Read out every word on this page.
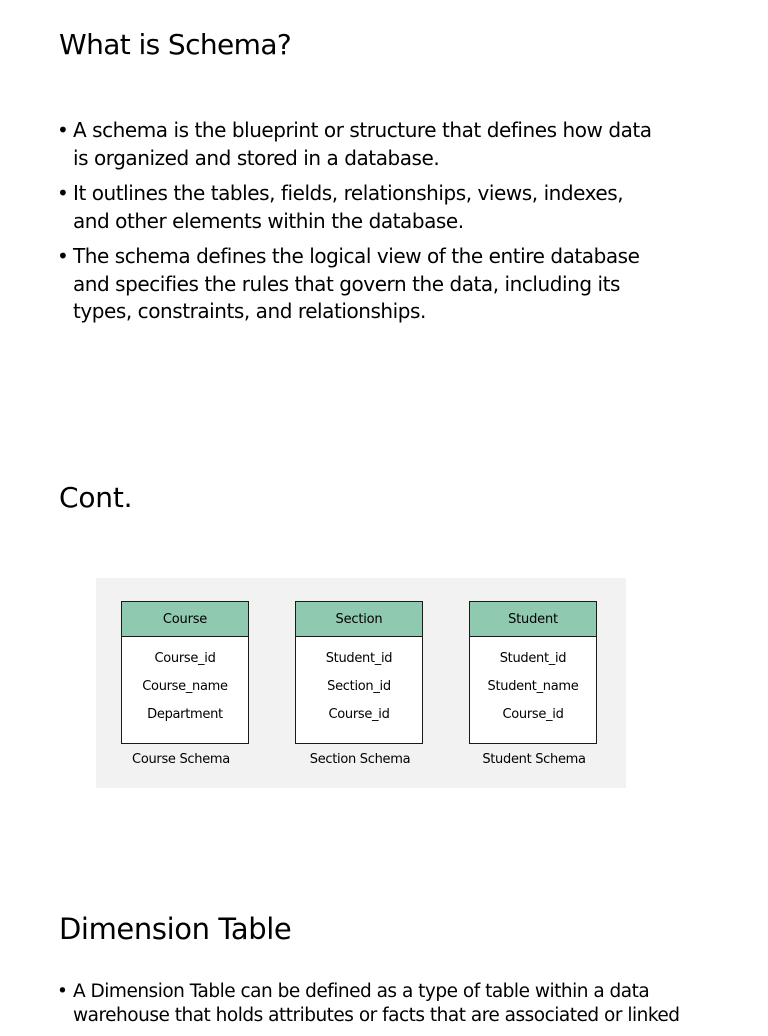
What is Schema?
• A schema is the blueprint or structure that defines how data
is organized and stored in a database.
• It outlines the tables, fields, relationships, views, indexes,
and other elements within the database.
• The schema defines the logical view of the entire database
and specifies the rules that govern the data, including its
types, constraints, and relationships.
Cont.
Course
Course_id
Course_name
Department
Course Schema
Section
Student_id
Section_id
Course_id
Section Schema
Student
Student_id
Student_name
Course_id
Student Schema
Dimension Table
• A Dimension Table can be defined as a type of table within a data
warehouse that holds attributes or facts that are associated or linked
